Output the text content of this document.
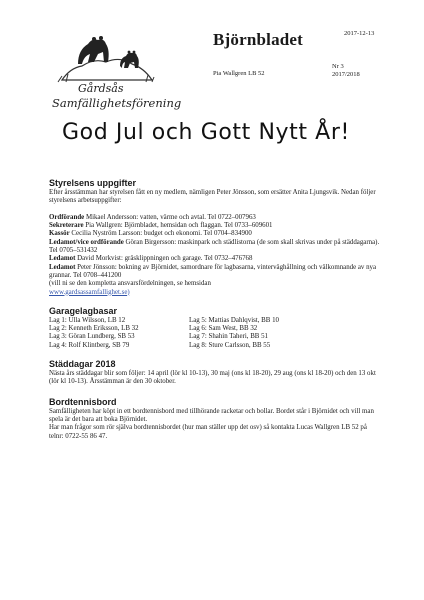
Gårdsås
Samfällighetsförening
Björnbladet	2017-12-13
Pia Wallgren LB 52
Nr 3
2017/2018
God Jul och Gott Nytt År!
Styrelsens uppgifter

Efter årsstämman har styrelsen fått en ny medlem, nämligen Peter Jönsson, som ersätter Anita Ljungsvik. Nedan följer styrelsens arbetsuppgifter:

Ordförande Mikael Andersson: vatten, värme och avtal. Tel 0722–007963

Sekreterare Pia Wallgren: Björnbladet, hemsidan och flaggan. Tel 0733–609601

Kassör Cecilia Nyström Larsson: budget och ekonomi. Tel 0704–834900

Ledamot/vice ordförande Göran Birgersson: maskinpark och städlistorna (de som skall skrivas under på städdagarna). Tel 0705–531432

Ledamot David Morkvist: gräsklippningen och garage. Tel 0732–476768

Ledamot Peter Jönsson: bokning av Björnidet, samordnare för lagbasarna, vinterväghållning och välkomnande av nya grannar. Tel 0708–441200

(vill ni se den kompletta ansvarsfördelningen, se hemsidan

www.gardsassamfallighet.se)

Garagelagbasar
Lag 1: Ulla Wilsson, LB 12	Lag 5: Mattias Dahlqvist, BB 10
Lag 2: Kenneth Eriksson, LB 32	Lag 6: Sam West, BB 32
Lag 3: Göran Lundberg, SB 53	Lag 7: Shahin Taheri, BB 51
Lag 4: Rolf Klintberg, SB 79	Lag 8: Sture Carlsson, BB 55
Städdagar 2018

Nästa års städdagar blir som följer: 14 april (lör kl 10-13), 30 maj (ons kl 18-20), 29 aug (ons kl 18-20) och den 13 okt (lör kl 10-13). Årsstämman är den 30 oktober.

Bordtennisbord

Samfälligheten har köpt in ett bordtennisbord med tillhörande racketar och bollar. Bordet står i Björnidet och vill man spela är det bara att boka Björnidet.

Har man frågor som rör själva bordtennisbordet (hur man ställer upp det osv) så kontakta Lucas Wallgren LB 52 på telnr: 0722-55 86 47.
